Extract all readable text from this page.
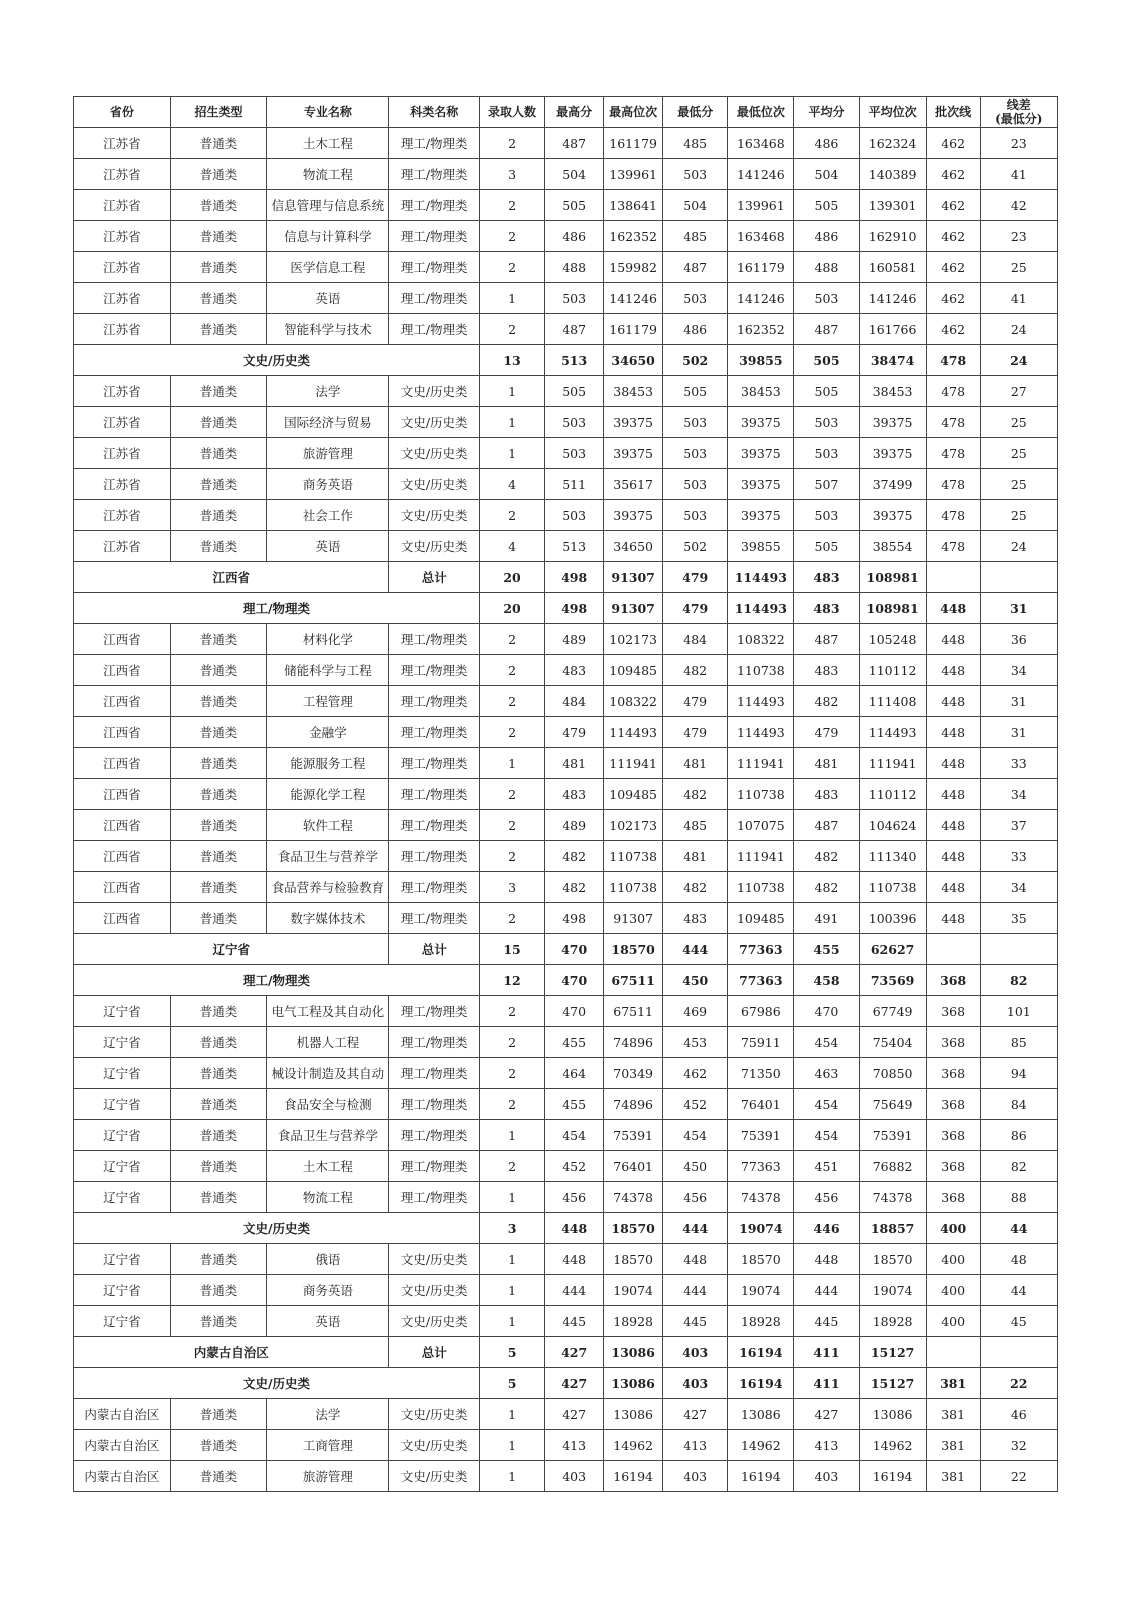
省份	招生类型	专业名称	科类名称	录取人数	最高分	最高位次	最低分	最低位次	平均分	平均位次	批次线	线差
(最低分)

江苏省	普通类	土木工程	理工/物理类	2	487	161179	485	163468	486	162324	462	23
江苏省	普通类	物流工程	理工/物理类	3	504	139961	503	141246	504	140389	462	41
江苏省	普通类	信息管理与信息系统	理工/物理类	2	505	138641	504	139961	505	139301	462	42
江苏省	普通类	信息与计算科学	理工/物理类	2	486	162352	485	163468	486	162910	462	23
江苏省	普通类	医学信息工程	理工/物理类	2	488	159982	487	161179	488	160581	462	25
江苏省	普通类	英语	理工/物理类	1	503	141246	503	141246	503	141246	462	41
江苏省	普通类	智能科学与技术	理工/物理类	2	487	161179	486	162352	487	161766	462	24
文史/历史类				13	513	34650	502	39855	505	38474	478	24
江苏省	普通类	法学	文史/历史类	1	505	38453	505	38453	505	38453	478	27
江苏省	普通类	国际经济与贸易	文史/历史类	1	503	39375	503	39375	503	39375	478	25
江苏省	普通类	旅游管理	文史/历史类	1	503	39375	503	39375	503	39375	478	25
江苏省	普通类	商务英语	文史/历史类	4	511	35617	503	39375	507	37499	478	25
江苏省	普通类	社会工作	文史/历史类	2	503	39375	503	39375	503	39375	478	25
江苏省	普通类	英语	文史/历史类	4	513	34650	502	39855	505	38554	478	24
江西省			总计	20	498	91307	479	114493	483	108981		
理工/物理类				20	498	91307	479	114493	483	108981	448	31
江西省	普通类	材料化学	理工/物理类	2	489	102173	484	108322	487	105248	448	36
江西省	普通类	储能科学与工程	理工/物理类	2	483	109485	482	110738	483	110112	448	34
江西省	普通类	工程管理	理工/物理类	2	484	108322	479	114493	482	111408	448	31
江西省	普通类	金融学	理工/物理类	2	479	114493	479	114493	479	114493	448	31
江西省	普通类	能源服务工程	理工/物理类	1	481	111941	481	111941	481	111941	448	33
江西省	普通类	能源化学工程	理工/物理类	2	483	109485	482	110738	483	110112	448	34
江西省	普通类	软件工程	理工/物理类	2	489	102173	485	107075	487	104624	448	37
江西省	普通类	食品卫生与营养学	理工/物理类	2	482	110738	481	111941	482	111340	448	33
江西省	普通类	食品营养与检验教育	理工/物理类	3	482	110738	482	110738	482	110738	448	34
江西省	普通类	数字媒体技术	理工/物理类	2	498	91307	483	109485	491	100396	448	35
辽宁省			总计	15	470	18570	444	77363	455	62627		
理工/物理类				12	470	67511	450	77363	458	73569	368	82
辽宁省	普通类	电气工程及其自动化	理工/物理类	2	470	67511	469	67986	470	67749	368	101
辽宁省	普通类	机器人工程	理工/物理类	2	455	74896	453	75911	454	75404	368	85
辽宁省	普通类	械设计制造及其自动	理工/物理类	2	464	70349	462	71350	463	70850	368	94
辽宁省	普通类	食品安全与检测	理工/物理类	2	455	74896	452	76401	454	75649	368	84
辽宁省	普通类	食品卫生与营养学	理工/物理类	1	454	75391	454	75391	454	75391	368	86
辽宁省	普通类	土木工程	理工/物理类	2	452	76401	450	77363	451	76882	368	82
辽宁省	普通类	物流工程	理工/物理类	1	456	74378	456	74378	456	74378	368	88
文史/历史类				3	448	18570	444	19074	446	18857	400	44
辽宁省	普通类	俄语	文史/历史类	1	448	18570	448	18570	448	18570	400	48
辽宁省	普通类	商务英语	文史/历史类	1	444	19074	444	19074	444	19074	400	44
辽宁省	普通类	英语	文史/历史类	1	445	18928	445	18928	445	18928	400	45
内蒙古自治区			总计	5	427	13086	403	16194	411	15127		
文史/历史类				5	427	13086	403	16194	411	15127	381	22
内蒙古自治区	普通类	法学	文史/历史类	1	427	13086	427	13086	427	13086	381	46
内蒙古自治区	普通类	工商管理	文史/历史类	1	413	14962	413	14962	413	14962	381	32
内蒙古自治区	普通类	旅游管理	文史/历史类	1	403	16194	403	16194	403	16194	381	22
